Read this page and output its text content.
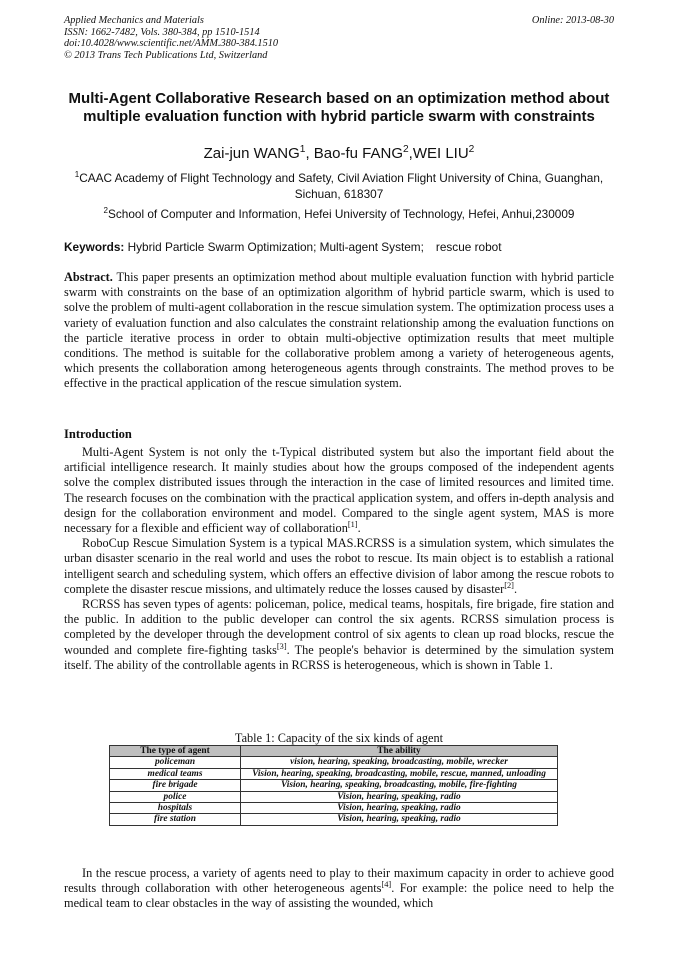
Applied Mechanics and Materials
ISSN: 1662-7482, Vols. 380-384, pp 1510-1514
doi:10.4028/www.scientific.net/AMM.380-384.1510
© 2013 Trans Tech Publications Ltd, Switzerland
Online: 2013-08-30
Multi-Agent Collaborative Research based on an optimization method about multiple evaluation function with hybrid particle swarm with constraints
Zai-jun WANG$^1$, Bao-fu FANG$^2$,WEI LIU$^2$
$^1$CAAC Academy of Flight Technology and Safety, Civil Aviation Flight University of China, Guanghan, Sichuan, 618307
$^2$School of Computer and Information, Hefei University of Technology, Hefei, Anhui,230009
Keywords: Hybrid Particle Swarm Optimization; Multi-agent System; rescue robot

Abstract. This paper presents an optimization method about multiple evaluation function with hybrid particle swarm with constraints on the base of an optimization algorithm of hybrid particle swarm, which is used to solve the problem of multi-agent collaboration in the rescue simulation system. The optimization process uses a variety of evaluation function and also calculates the constraint relationship among the evaluation functions on the particle iterative process in order to obtain multi-objective optimization results that meet multiple conditions. The method is suitable for the collaborative problem among a variety of heterogeneous agents, which presents the collaboration among heterogeneous agents through constraints. The method proves to be effective in the practical application of the rescue simulation system.

Introduction

Multi-Agent System is not only the t-Typical distributed system but also the important field about the artificial intelligence research. It mainly studies about how the groups composed of the independent agents solve the complex distributed issues through the interaction in the case of limited resources and limited time. The research focuses on the combination with the practical application system, and offers in-depth analysis and design for the collaboration environment and model. Compared to the single agent system, MAS is more necessary for a flexible and efficient way of collaboration[1].

RoboCup Rescue Simulation System is a typical MAS.RCRSS is a simulation system, which simulates the urban disaster scenario in the real world and uses the robot to rescue. Its main object is to establish a rational intelligent search and scheduling system, which offers an effective division of labor among the rescue robots to complete the disaster rescue missions, and ultimately reduce the losses caused by disaster[2].

RCRSS has seven types of agents: policeman, police, medical teams, hospitals, fire brigade, fire station and the public. In addition to the public developer can control the six agents. RCRSS simulation process is completed by the developer through the development control of six agents to clean up road blocks, rescue the wounded and complete fire-fighting tasks[3]. The people's behavior is determined by the simulation system itself. The ability of the controllable agents in RCRSS is heterogeneous, which is shown in Table 1.

Table 1: Capacity of the six kinds of agent
The type of agent	The ability
policeman	vision, hearing, speaking, broadcasting, mobile, wrecker
medical teams	Vision, hearing, speaking, broadcasting, mobile, rescue, manned, unloading
fire brigade	Vision, hearing, speaking, broadcasting, mobile, fire-fighting
police	Vision, hearing, speaking, radio
hospitals	Vision, hearing, speaking, radio
fire station	Vision, hearing, speaking, radio

In the rescue process, a variety of agents need to play to their maximum capacity in order to achieve good results through collaboration with other heterogeneous agents[4]. For example: the police need to help the medical team to clear obstacles in the way of assisting the wounded, which
